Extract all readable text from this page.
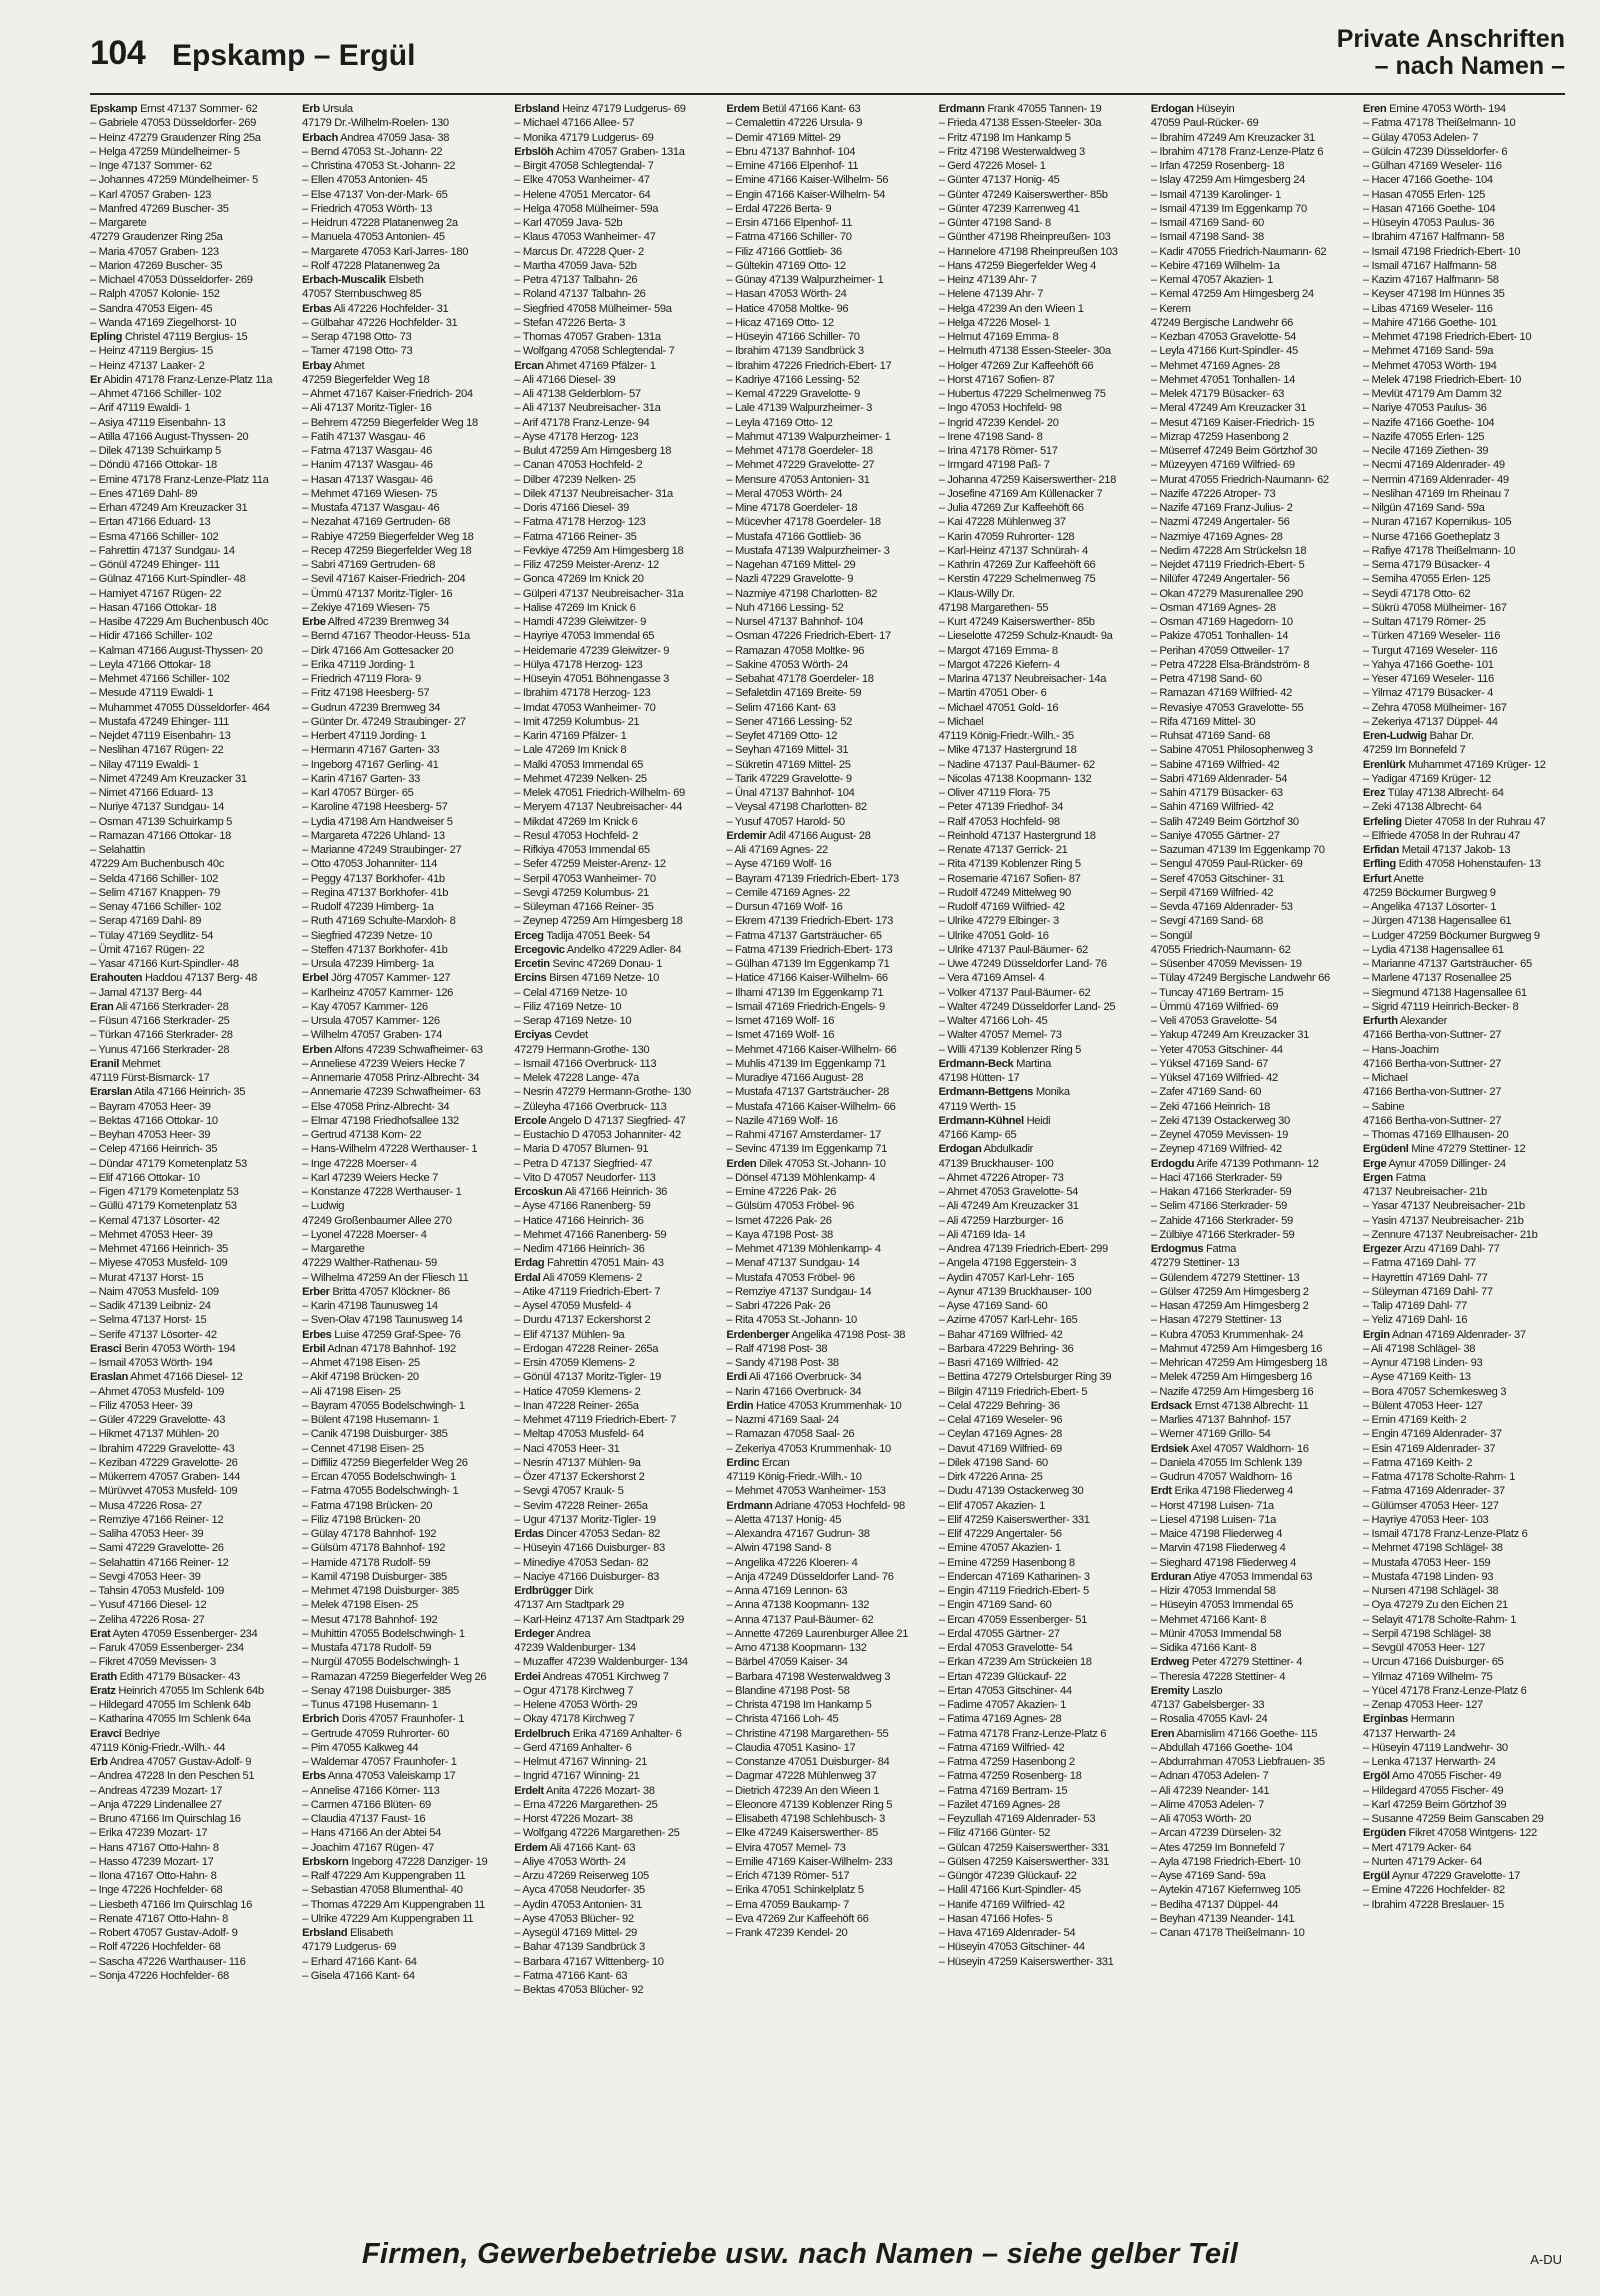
104 Epskamp – Ergül	Private Anschriften
– nach Namen –
Epskamp Ernst 47137 Sommer- 62
– Gabriele 47053 Düsseldorfer- 269
– Heinz 47279 Graudenzer Ring 25a
– Helga 47259 Mündelheimer- 5
– Inge 47137 Sommer- 62
– Johannes 47259 Mündelheimer- 5
– Karl 47057 Graben- 123
– Manfred 47269 Buscher- 35
– Margarete
47279 Graudenzer Ring 25a
– Maria 47057 Graben- 123
– Marion 47269 Buscher- 35
– Michael 47053 Düsseldorfer- 269
– Ralph 47057 Kolonie- 152
– Sandra 47053 Eigen- 45
– Wanda 47169 Ziegelhorst- 10
Epling Christel 47119 Bergius- 15
– Heinz 47119 Bergius- 15
– Heinz 47137 Laaker- 2
Er Abidin 47178 Franz-Lenze-Platz 11a
– Ahmet 47166 Schiller- 102
– Arif 47119 Ewaldi- 1
– Asiya 47119 Eisenbahn- 13
– Atilla 47166 August-Thyssen- 20
– Dilek 47139 Schuirkamp 5
– Döndü 47166 Ottokar- 18
– Emine 47178 Franz-Lenze-Platz 11a
– Enes 47169 Dahl- 89
– Erhan 47249 Am Kreuzacker 31
– Ertan 47166 Eduard- 13
– Esma 47166 Schiller- 102
– Fahrettin 47137 Sundgau- 14
– Gönül 47249 Ehinger- 111
– Gülnaz 47166 Kurt-Spindler- 48
– Hamiyet 47167 Rügen- 22
– Hasan 47166 Ottokar- 18
– Hasibe 47229 Am Buchenbusch 40c
– Hidir 47166 Schiller- 102
– Kalman 47166 August-Thyssen- 20
– Leyla 47166 Ottokar- 18
– Mehmet 47166 Schiller- 102
– Mesude 47119 Ewaldi- 1
– Muhammet 47055 Düsseldorfer- 464
– Mustafa 47249 Ehinger- 111
– Nejdet 47119 Eisenbahn- 13
– Neslihan 47167 Rügen- 22
– Nilay 47119 Ewaldi- 1
– Nimet 47249 Am Kreuzacker 31
– Nimet 47166 Eduard- 13
– Nuriye 47137 Sundgau- 14
– Osman 47139 Schuirkamp 5
– Ramazan 47166 Ottokar- 18
– Selahattin
47229 Am Buchenbusch 40c
– Selda 47166 Schiller- 102
– Selim 47167 Knappen- 79
– Senay 47166 Schiller- 102
– Serap 47169 Dahl- 89
– Tülay 47169 Seydlitz- 54
– Ümit 47167 Rügen- 22
– Yasar 47166 Kurt-Spindler- 48
Erahouten Haddou 47137 Berg- 48
– Jamal 47137 Berg- 44
Eran Ali 47166 Sterkrader- 28
– Füsun 47166 Sterkrader- 25
– Türkan 47166 Sterkrader- 28
– Yunus 47166 Sterkrader- 28
Eranil Mehmet
47119 Fürst-Bismarck- 17
Erarslan Atila 47166 Heinrich- 35
– Bayram 47053 Heer- 39
– Bektas 47166 Ottokar- 10
– Beyhan 47053 Heer- 39
– Celep 47166 Heinrich- 35
– Dündar 47179 Kometenplatz 53
– Elif 47166 Ottokar- 10
– Figen 47179 Kometenplatz 53
– Güllü 47179 Kometenplatz 53
– Kemal 47137 Lösorter- 42
– Mehmet 47053 Heer- 39
– Mehmet 47166 Heinrich- 35
– Miyese 47053 Musfeld- 109
– Murat 47137 Horst- 15
– Naim 47053 Musfeld- 109
– Sadik 47139 Leibniz- 24
– Selma 47137 Horst- 15
– Serife 47137 Lösorter- 42
Erasci Berin 47053 Wörth- 194
– Ismail 47053 Wörth- 194
Eraslan Ahmet 47166 Diesel- 12
– Ahmet 47053 Musfeld- 109
– Filiz 47053 Heer- 39
– Güler 47229 Gravelotte- 43
– Hikmet 47137 Mühlen- 20
– Ibrahim 47229 Gravelotte- 43
– Keziban 47229 Gravelotte- 26
– Mükerrem 47057 Graben- 144
– Mürüvvet 47053 Musfeld- 109
– Musa 47226 Rosa- 27
– Remziye 47166 Reiner- 12
– Saliha 47053 Heer- 39
– Sami 47229 Gravelotte- 26
– Selahattin 47166 Reiner- 12
– Sevgi 47053 Heer- 39
– Tahsin 47053 Musfeld- 109
– Yusuf 47166 Diesel- 12
– Zeliha 47226 Rosa- 27
Erat Ayten 47059 Essenberger- 234
– Faruk 47059 Essenberger- 234
– Fikret 47059 Mevissen- 3
Erath Edith 47179 Büsacker- 43
Eratz Heinrich 47055 Im Schlenk 64b
– Hildegard 47055 Im Schlenk 64b
– Katharina 47055 Im Schlenk 64a
Eravci Bedriye
47119 König-Friedr.-Wilh.- 44
Erb Andrea 47057 Gustav-Adolf- 9
– Andrea 47228 In den Peschen 51
– Andreas 47239 Mozart- 17
– Anja 47229 Lindenallee 27
– Bruno 47166 Im Quirschlag 16
– Erika 47239 Mozart- 17
– Hans 47167 Otto-Hahn- 8
– Hasso 47239 Mozart- 17
– Ilona 47167 Otto-Hahn- 8
– Inge 47226 Hochfelder- 68
– Liesbeth 47166 Im Quirschlag 16
– Renate 47167 Otto-Hahn- 8
– Robert 47057 Gustav-Adolf- 9
– Rolf 47226 Hochfelder- 68
– Sascha 47226 Warthauser- 116
– Sonja 47226 Hochfelder- 68
Erb Ursula
47179 Dr.-Wilhelm-Roelen- 130
Erbach Andrea 47059 Jasa- 38
– Bernd 47053 St.-Johann- 22
– Christina 47053 St.-Johann- 22
– Ellen 47053 Antonien- 45
– Else 47137 Von-der-Mark- 65
– Friedrich 47053 Wörth- 13
– Heidrun 47228 Platanenweg 2a
– Manuela 47053 Antonien- 45
– Margarete 47053 Karl-Jarres- 180
– Rolf 47228 Platanenweg 2a
Erbach-Muscalik Elsbeth
47057 Sternbuschweg 85
Erbas Ali 47226 Hochfelder- 31
– Gülbahar 47226 Hochfelder- 31
– Serap 47198 Otto- 73
– Tamer 47198 Otto- 73
Erbay Ahmet
47259 Biegerfelder Weg 18
– Ahmet 47167 Kaiser-Friedrich- 204
– Ali 47137 Moritz-Tigler- 16
– Behrem 47259 Biegerfelder Weg 18
– Fatih 47137 Wasgau- 46
– Fatma 47137 Wasgau- 46
– Hanim 47137 Wasgau- 46
– Hasan 47137 Wasgau- 46
– Mehmet 47169 Wiesen- 75
– Mustafa 47137 Wasgau- 46
– Nezahat 47169 Gertruden- 68
– Rabiye 47259 Biegerfelder Weg 18
– Recep 47259 Biegerfelder Weg 18
– Sabri 47169 Gertruden- 68
– Sevil 47167 Kaiser-Friedrich- 204
– Ümmü 47137 Moritz-Tigler- 16
– Zekiye 47169 Wiesen- 75
Erbe Alfred 47239 Bremweg 34
– Bernd 47167 Theodor-Heuss- 51a
– Dirk 47166 Am Gottesacker 20
– Erika 47119 Jording- 1
– Friedrich 47119 Flora- 9
– Fritz 47198 Heesberg- 57
– Gudrun 47239 Bremweg 34
– Günter Dr. 47249 Straubinger- 27
– Herbert 47119 Jording- 1
– Hermann 47167 Garten- 33
– Ingeborg 47167 Gerling- 41
– Karin 47167 Garten- 33
– Karl 47057 Bürger- 65
– Karoline 47198 Heesberg- 57
– Lydia 47198 Am Handweiser 5
– Margareta 47226 Uhland- 13
– Marianne 47249 Straubinger- 27
– Otto 47053 Johanniter- 114
– Peggy 47137 Borkhofer- 41b
– Regina 47137 Borkhofer- 41b
– Rudolf 47239 Himberg- 1a
– Ruth 47169 Schulte-Marxloh- 8
– Siegfried 47239 Netze- 10
– Steffen 47137 Borkhofer- 41b
– Ursula 47239 Himberg- 1a
Erbel Jörg 47057 Kammer- 127
– Karlheinz 47057 Kammer- 126
– Kay 47057 Kammer- 126
– Ursula 47057 Kammer- 126
– Wilhelm 47057 Graben- 174
Erben Alfons 47239 Schwafheimer- 63
– Anneliese 47239 Weiers Hecke 7
– Annemarie 47058 Prinz-Albrecht- 34
– Annemarie 47239 Schwafheimer- 63
– Else 47058 Prinz-Albrecht- 34
– Elmar 47198 Friedhofsallee 132
– Gertrud 47138 Korn- 22
– Hans-Wilhelm 47228 Werthauser- 1
– Inge 47228 Moerser- 4
– Karl 47239 Weiers Hecke 7
– Konstanze 47228 Werthauser- 1
– Ludwig
47249 Großenbaumer Allee 270
– Lyonel 47228 Moerser- 4
– Margarethe
47229 Walther-Rathenau- 59
– Wilhelma 47259 An der Fliesch 11
Erber Britta 47057 Klöckner- 86
– Karin 47198 Taunusweg 14
– Sven-Olav 47198 Taunusweg 14
Erbes Luise 47259 Graf-Spee- 76
Erbil Adnan 47178 Bahnhof- 192
– Ahmet 47198 Eisen- 25
– Akif 47198 Brücken- 20
– Ali 47198 Eisen- 25
– Bayram 47055 Bodelschwingh- 1
– Bülent 47198 Husemann- 1
– Canik 47198 Duisburger- 385
– Cennet 47198 Eisen- 25
– Diffiliz 47259 Biegerfelder Weg 26
– Ercan 47055 Bodelschwingh- 1
– Fatma 47055 Bodelschwingh- 1
– Fatma 47198 Brücken- 20
– Filiz 47198 Brücken- 20
– Gülay 47178 Bahnhof- 192
– Gülsüm 47178 Bahnhof- 192
– Hamide 47178 Rudolf- 59
– Kamil 47198 Duisburger- 385
– Mehmet 47198 Duisburger- 385
– Melek 47198 Eisen- 25
– Mesut 47178 Bahnhof- 192
– Muhittin 47055 Bodelschwingh- 1
– Mustafa 47178 Rudolf- 59
– Nurgül 47055 Bodelschwingh- 1
– Ramazan 47259 Biegerfelder Weg 26
– Senay 47198 Duisburger- 385
– Tunus 47198 Husemann- 1
Erbrich Doris 47057 Fraunhofer- 1
– Gertrude 47059 Ruhrorter- 60
– Pim 47055 Kalkweg 44
– Waldemar 47057 Fraunhofer- 1
Erbs Anna 47053 Valeiskamp 17
– Annelise 47166 Körner- 113
– Carmen 47166 Blüten- 69
– Claudia 47137 Faust- 16
– Hans 47166 An der Abtei 54
– Joachim 47167 Rügen- 47
Erbskorn Ingeborg 47228 Danziger- 19
– Ralf 47229 Am Kuppengraben 11
– Sebastian 47058 Blumenthal- 40
– Thomas 47229 Am Kuppengraben 11
– Ulrike 47229 Am Kuppengraben 11
Erbsland Elisabeth
47179 Ludgerus- 69
– Erhard 47166 Kant- 64
– Gisela 47166 Kant- 64
Erbsland Heinz 47179 Ludgerus- 69
– Michael 47166 Allee- 57
– Monika 47179 Ludgerus- 69
Erbslöh Achim 47057 Graben- 131a
– Birgit 47058 Schlegtendal- 7
– Elke 47053 Wanheimer- 47
– Helene 47051 Mercator- 64
– Helga 47058 Mülheimer- 59a
– Karl 47059 Java- 52b
– Klaus 47053 Wanheimer- 47
– Marcus Dr. 47228 Quer- 2
– Martha 47059 Java- 52b
– Petra 47137 Talbahn- 26
– Roland 47137 Talbahn- 26
– Siegfried 47058 Mülheimer- 59a
– Stefan 47226 Berta- 3
– Thomas 47057 Graben- 131a
– Wolfgang 47058 Schlegtendal- 7
Ercan Ahmet 47169 Pfälzer- 1
– Ali 47166 Diesel- 39
– Ali 47138 Gelderblom- 57
– Ali 47137 Neubreisacher- 31a
– Arif 47178 Franz-Lenze- 94
– Ayse 47178 Herzog- 123
– Bulut 47259 Am Himgesberg 18
– Canan 47053 Hochfeld- 2
– Dilber 47239 Nelken- 25
– Dilek 47137 Neubreisacher- 31a
– Doris 47166 Diesel- 39
– Fatma 47178 Herzog- 123
– Fatma 47166 Reiner- 35
– Fevkiye 47259 Am Himgesberg 18
– Filiz 47259 Meister-Arenz- 12
– Gonca 47269 Im Knick 20
– Gülperi 47137 Neubreisacher- 31a
– Halise 47269 Im Knick 6
– Hamdi 47239 Gleiwitzer- 9
– Hayriye 47053 Immendal 65
– Heidemarie 47239 Gleiwitzer- 9
– Hülya 47178 Herzog- 123
– Hüseyin 47051 Böhnengasse 3
– Ibrahim 47178 Herzog- 123
– Imdat 47053 Wanheimer- 70
– Imit 47259 Kolumbus- 21
– Karin 47169 Pfälzer- 1
– Lale 47269 Im Knick 8
– Malki 47053 Immendal 65
– Mehmet 47239 Nelken- 25
– Melek 47051 Friedrich-Wilhelm- 69
– Meryem 47137 Neubreisacher- 44
– Mikdat 47269 Im Knick 6
– Resul 47053 Hochfeld- 2
– Rifkiya 47053 Immendal 65
– Sefer 47259 Meister-Arenz- 12
– Serpil 47053 Wanheimer- 70
– Sevgi 47259 Kolumbus- 21
– Süleyman 47166 Reiner- 35
– Zeynep 47259 Am Himgesberg 18
Erceg Tadija 47051 Beek- 54
Ercegovic Andelko 47229 Adler- 84
Ercetin Sevinc 47269 Donau- 1
Ercins Birsen 47169 Netze- 10
– Celal 47169 Netze- 10
– Filiz 47169 Netze- 10
– Serap 47169 Netze- 10
Erciyas Cevdet
47279 Hermann-Grothe- 130
– Ismail 47166 Overbruck- 113
– Melek 47228 Lange- 47a
– Nesrin 47279 Hermann-Grothe- 130
– Züleyha 47166 Overbruck- 113
Ercole Angelo D 47137 Siegfried- 47
– Eustachio D 47053 Johanniter- 42
– Maria D 47057 Blumen- 91
– Petra D 47137 Siegfried- 47
– Vito D 47057 Neudorfer- 113
Ercoskun Ali 47166 Heinrich- 36
– Ayse 47166 Ranenberg- 59
– Hatice 47166 Heinrich- 36
– Mehmet 47166 Ranenberg- 59
– Nedim 47166 Heinrich- 36
Erdag Fahrettin 47051 Main- 43
Erdal Ali 47059 Klemens- 2
– Atike 47119 Friedrich-Ebert- 7
– Aysel 47059 Musfeld- 4
– Durdu 47137 Eckershorst 2
– Elif 47137 Mühlen- 9a
– Erdogan 47228 Reiner- 265a
– Ersin 47059 Klemens- 2
– Gönül 47137 Moritz-Tigler- 19
– Hatice 47059 Klemens- 2
– Inan 47228 Reiner- 265a
– Mehmet 47119 Friedrich-Ebert- 7
– Meltap 47053 Musfeld- 64
– Naci 47053 Heer- 31
– Nesrin 47137 Mühlen- 9a
– Özer 47137 Eckershorst 2
– Sevgi 47057 Krauk- 5
– Sevim 47228 Reiner- 265a
– Ugur 47137 Moritz-Tigler- 19
Erdas Dincer 47053 Sedan- 82
– Hüseyin 47166 Duisburger- 83
– Minediye 47053 Sedan- 82
– Naciye 47166 Duisburger- 83
Erdbrügger Dirk
47137 Am Stadtpark 29
– Karl-Heinz 47137 Am Stadtpark 29
Erdeger Andrea
47239 Waldenburger- 134
– Muzaffer 47239 Waldenburger- 134
Erdei Andreas 47051 Kirchweg 7
– Ogur 47178 Kirchweg 7
– Helene 47053 Wörth- 29
– Okay 47178 Kirchweg 7
Erdelbruch Erika 47169 Anhalter- 6
– Gerd 47169 Anhalter- 6
– Helmut 47167 Winning- 21
– Ingrid 47167 Winning- 21
Erdelt Anita 47226 Mozart- 38
– Erna 47226 Margarethen- 25
– Horst 47226 Mozart- 38
– Wolfgang 47226 Margarethen- 25
Erdem Ali 47166 Kant- 63
– Aliye 47053 Wörth- 24
– Arzu 47269 Reiserweg 105
– Ayca 47058 Neudorfer- 35
– Aydin 47053 Antonien- 31
– Ayse 47053 Blücher- 92
– Aysegül 47169 Mittel- 29
– Bahar 47139 Sandbrück 3
– Barbara 47167 Wittenberg- 10
– Fatma 47166 Kant- 63
– Bektas 47053 Blücher- 92
Erdem Betül 47166 Kant- 63
– Cemalettin 47226 Ursula- 9
– Demir 47169 Mittel- 29
– Ebru 47137 Bahnhof- 104
– Emine 47166 Elpenhof- 11
– Emine 47166 Kaiser-Wilhelm- 56
– Engin 47166 Kaiser-Wilhelm- 54
– Erdal 47226 Berta- 9
– Ersin 47166 Elpenhof- 11
– Fatma 47166 Schiller- 70
– Filiz 47166 Gottlieb- 36
– Gültekin 47169 Otto- 12
– Günay 47139 Walpurzheimer- 1
– Hasan 47053 Wörth- 24
– Hatice 47058 Moltke- 96
– Hicaz 47169 Otto- 12
– Hüseyin 47166 Schiller- 70
– Ibrahim 47139 Sandbrück 3
– Ibrahim 47226 Friedrich-Ebert- 17
– Kadriye 47166 Lessing- 52
– Kemal 47229 Gravelotte- 9
– Lale 47139 Walpurzheimer- 3
– Leyla 47169 Otto- 12
– Mahmut 47139 Walpurzheimer- 1
– Mehmet 47178 Goerdeler- 18
– Mehmet 47229 Gravelotte- 27
– Mensure 47053 Antonien- 31
– Meral 47053 Wörth- 24
– Mine 47178 Goerdeler- 18
– Mücevher 47178 Goerdeler- 18
– Mustafa 47166 Gottlieb- 36
– Mustafa 47139 Walpurzheimer- 3
– Nagehan 47169 Mittel- 29
– Nazli 47229 Gravelotte- 9
– Nazmiye 47198 Charlotten- 82
– Nuh 47166 Lessing- 52
– Nursel 47137 Bahnhof- 104
– Osman 47226 Friedrich-Ebert- 17
– Ramazan 47058 Moltke- 96
– Sakine 47053 Wörth- 24
– Sebahat 47178 Goerdeler- 18
– Sefaletdin 47169 Breite- 59
– Selim 47166 Kant- 63
– Sener 47166 Lessing- 52
– Seyfet 47169 Otto- 12
– Seyhan 47169 Mittel- 31
– Sükretin 47169 Mittel- 25
– Tarik 47229 Gravelotte- 9
– Ünal 47137 Bahnhof- 104
– Veysal 47198 Charlotten- 82
– Yusuf 47057 Harold- 50
Erdemir Adil 47166 August- 28
– Ali 47169 Agnes- 22
– Ayse 47169 Wolf- 16
– Bayram 47139 Friedrich-Ebert- 173
– Cemile 47169 Agnes- 22
– Dursun 47169 Wolf- 16
– Ekrem 47139 Friedrich-Ebert- 173
– Fatma 47137 Gartsträucher- 65
– Fatma 47139 Friedrich-Ebert- 173
– Gülhan 47139 Im Eggenkamp 71
– Hatice 47166 Kaiser-Wilhelm- 66
– Ilhami 47139 Im Eggenkamp 71
– Ismail 47169 Friedrich-Engels- 9
– Ismet 47169 Wolf- 16
– Ismet 47169 Wolf- 16
– Mehmet 47166 Kaiser-Wilhelm- 66
– Muhlis 47139 Im Eggenkamp 71
– Muradiye 47166 August- 28
– Mustafa 47137 Gartsträucher- 28
– Mustafa 47166 Kaiser-Wilhelm- 66
– Nazile 47169 Wolf- 16
– Rahmi 47167 Amsterdamer- 17
– Sevinc 47139 Im Eggenkamp 71
Erden Dilek 47053 St.-Johann- 10
– Dönsel 47139 Möhlenkamp- 4
– Emine 47226 Pak- 26
– Gülsüm 47053 Fröbel- 96
– Ismet 47226 Pak- 26
– Kaya 47198 Post- 38
– Mehmet 47139 Möhlenkamp- 4
– Menaf 47137 Sundgau- 14
– Mustafa 47053 Fröbel- 96
– Remziye 47137 Sundgau- 14
– Sabri 47226 Pak- 26
– Rita 47053 St.-Johann- 10
Erdenberger Angelika 47198 Post- 38
– Ralf 47198 Post- 38
– Sandy 47198 Post- 38
Erdi Ali 47166 Overbruck- 34
– Narin 47166 Overbruck- 34
Erdin Hatice 47053 Krummenhak- 10
– Nazmi 47169 Saal- 24
– Ramazan 47058 Saal- 26
– Zekeriya 47053 Krummenhak- 10
Erdinc Ercan
47119 König-Friedr.-Wilh.- 10
– Mehmet 47053 Wanheimer- 153
Erdmann Adriane 47053 Hochfeld- 98
– Aletta 47137 Honig- 45
– Alexandra 47167 Gudrun- 38
– Alwin 47198 Sand- 8
– Angelika 47226 Kloeren- 4
– Anja 47249 Düsseldorfer Land- 76
– Anna 47169 Lennon- 63
– Anna 47138 Koopmann- 132
– Anna 47137 Paul-Bäumer- 62
– Annette 47269 Laurenburger Allee 21
– Arno 47138 Koopmann- 132
– Bärbel 47059 Kaiser- 34
– Barbara 47198 Westerwaldweg 3
– Blandine 47198 Post- 58
– Christa 47198 Im Hankamp 5
– Christa 47166 Loh- 45
– Christine 47198 Margarethen- 55
– Claudia 47051 Kasino- 17
– Constanze 47051 Duisburger- 84
– Dagmar 47228 Mühlenweg 37
– Dietrich 47239 An den Wieen 1
– Eleonore 47139 Koblenzer Ring 5
– Elisabeth 47198 Schlehbusch- 3
– Elke 47249 Kaiserswerther- 85
– Elvira 47057 Memel- 73
– Emilie 47169 Kaiser-Wilhelm- 233
– Erich 47139 Römer- 517
– Erika 47051 Schinkelplatz 5
– Erna 47059 Baukamp- 7
– Eva 47269 Zur Kaffeehöft 66
– Frank 47239 Kendel- 20
Erdmann Frank 47055 Tannen- 19
– Frieda 47138 Essen-Steeler- 30a
– Fritz 47198 Im Hankamp 5
– Fritz 47198 Westerwaldweg 3
– Gerd 47226 Mosel- 1
– Günter 47137 Honig- 45
– Günter 47249 Kaiserswerther- 85b
– Günter 47239 Karrenweg 41
– Günter 47198 Sand- 8
– Günther 47198 Rheinpreußen- 103
– Hannelore 47198 Rheinpreußen 103
– Hans 47259 Biegerfelder Weg 4
– Heinz 47139 Ahr- 7
– Helene 47139 Ahr- 7
– Helga 47239 An den Wieen 1
– Helga 47226 Mosel- 1
– Helmut 47169 Emma- 8
– Helmuth 47138 Essen-Steeler- 30a
– Holger 47269 Zur Kaffeehöft 66
– Horst 47167 Sofien- 87
– Hubertus 47229 Schelmenweg 75
– Ingo 47053 Hochfeld- 98
– Ingrid 47239 Kendel- 20
– Irene 47198 Sand- 8
– Irina 47178 Römer- 517
– Irmgard 47198 Paß- 7
– Johanna 47259 Kaiserswerther- 218
– Josefine 47169 Am Küllenacker 7
– Julia 47269 Zur Kaffeehöft 66
– Kai 47228 Mühlenweg 37
– Karin 47059 Ruhrorter- 128
– Karl-Heinz 47137 Schnürah- 4
– Kathrin 47269 Zur Kaffeehöft 66
– Kerstin 47229 Schelmenweg 75
– Klaus-Willy Dr.
47198 Margarethen- 55
– Kurt 47249 Kaiserswerther- 85b
– Lieselotte 47259 Schulz-Knaudt- 9a
– Margot 47169 Emma- 8
– Margot 47226 Kiefern- 4
– Marina 47137 Neubreisacher- 14a
– Martin 47051 Ober- 6
– Michael 47051 Gold- 16
– Michael
47119 König-Friedr.-Wilh.- 35
– Mike 47137 Hastergrund 18
– Nadine 47137 Paul-Bäumer- 62
– Nicolas 47138 Koopmann- 132
– Oliver 47119 Flora- 75
– Peter 47139 Friedhof- 34
– Ralf 47053 Hochfeld- 98
– Reinhold 47137 Hastergrund 18
– Renate 47137 Gerrick- 21
– Rita 47139 Koblenzer Ring 5
– Rosemarie 47167 Sofien- 87
– Rudolf 47249 Mittelweg 90
– Rudolf 47169 Wilfried- 42
– Ulrike 47279 Elbinger- 3
– Ulrike 47051 Gold- 16
– Ulrike 47137 Paul-Bäumer- 62
– Uwe 47249 Düsseldorfer Land- 76
– Vera 47169 Amsel- 4
– Volker 47137 Paul-Bäumer- 62
– Walter 47249 Düsseldorfer Land- 25
– Walter 47166 Loh- 45
– Walter 47057 Memel- 73
– Willi 47139 Koblenzer Ring 5
Erdmann-Beck Martina
47198 Hütten- 17
Erdmann-Bettgens Monika
47119 Werth- 15
Erdmann-Kühnel Heidi
47166 Kamp- 65
Erdogan Abdulkadir
47139 Bruckhauser- 100
– Ahmet 47226 Atroper- 73
– Ahmet 47053 Gravelotte- 54
– Ali 47249 Am Kreuzacker 31
– Ali 47259 Harzburger- 16
– Ali 47169 Ida- 14
– Andrea 47139 Friedrich-Ebert- 299
– Angela 47198 Eggerstein- 3
– Aydin 47057 Karl-Lehr- 165
– Aynur 47139 Bruckhauser- 100
– Ayse 47169 Sand- 60
– Azime 47057 Karl-Lehr- 165
– Bahar 47169 Wilfried- 42
– Barbara 47229 Behring- 36
– Basri 47169 Wilfried- 42
– Bettina 47279 Ortelsburger Ring 39
– Bilgin 47119 Friedrich-Ebert- 5
– Celal 47229 Behring- 36
– Celal 47169 Weseler- 96
– Ceylan 47169 Agnes- 28
– Davut 47169 Wilfried- 69
– Dilek 47198 Sand- 60
– Dirk 47226 Anna- 25
– Dudu 47139 Ostackerweg 30
– Elif 47057 Akazien- 1
– Elif 47259 Kaiserswerther- 331
– Elif 47229 Angertaler- 56
– Emine 47057 Akazien- 1
– Emine 47259 Hasenbong 8
– Endercan 47169 Katharinen- 3
– Engin 47119 Friedrich-Ebert- 5
– Engin 47169 Sand- 60
– Ercan 47059 Essenberger- 51
– Erdal 47055 Gärtner- 27
– Erdal 47053 Gravelotte- 54
– Erkan 47239 Am Strückeien 18
– Ertan 47239 Glückauf- 22
– Ertan 47053 Gitschiner- 44
– Fadime 47057 Akazien- 1
– Fatima 47169 Agnes- 28
– Fatma 47178 Franz-Lenze-Platz 6
– Fatma 47169 Wilfried- 42
– Fatma 47259 Hasenbong 2
– Fatma 47259 Rosenberg- 18
– Fatma 47169 Bertram- 15
– Fazilet 47169 Agnes- 28
– Feyzullah 47169 Aldenrader- 53
– Filiz 47166 Günter- 52
– Gülcan 47259 Kaiserswerther- 331
– Gülsen 47259 Kaiserswerther- 331
– Güngör 47239 Glückauf- 22
– Halil 47166 Kurt-Spindler- 45
– Hanife 47169 Wilfried- 42
– Hasan 47166 Hofes- 5
– Hava 47169 Aldenrader- 54
– Hüseyin 47053 Gitschiner- 44
– Hüseyin 47259 Kaiserswerther- 331
Erdogan Hüseyin
47059 Paul-Rücker- 69
– Ibrahim 47249 Am Kreuzacker 31
– Ibrahim 47178 Franz-Lenze-Platz 6
– Irfan 47259 Rosenberg- 18
– Islay 47259 Am Himgesberg 24
– Ismail 47139 Karolinger- 1
– Ismail 47139 Im Eggenkamp 70
– Ismail 47169 Sand- 60
– Ismail 47198 Sand- 38
– Kadir 47055 Friedrich-Naumann- 62
– Kebire 47169 Wilhelm- 1a
– Kemal 47057 Akazien- 1
– Kemal 47259 Am Himgesberg 24
– Kerem
47249 Bergische Landwehr 66
– Kezban 47053 Gravelotte- 54
– Leyla 47166 Kurt-Spindler- 45
– Mehmet 47169 Agnes- 28
– Mehmet 47051 Tonhallen- 14
– Melek 47179 Büsacker- 63
– Meral 47249 Am Kreuzacker 31
– Mesut 47169 Kaiser-Friedrich- 15
– Mizrap 47259 Hasenbong 2
– Müserref 47249 Beim Görtzhof 30
– Müzeyyen 47169 Wilfried- 69
– Murat 47055 Friedrich-Naumann- 62
– Nazife 47226 Atroper- 73
– Nazife 47169 Franz-Julius- 2
– Nazmi 47249 Angertaler- 56
– Nazmiye 47169 Agnes- 28
– Nedim 47228 Am Strückelsn 18
– Nejdet 47119 Friedrich-Ebert- 5
– Nilüfer 47249 Angertaler- 56
– Okan 47279 Masurenallee 290
– Osman 47169 Agnes- 28
– Osman 47169 Hagedorn- 10
– Pakize 47051 Tonhallen- 14
– Perihan 47059 Ottweiler- 17
– Petra 47228 Elsa-Brändström- 8
– Petra 47198 Sand- 60
– Ramazan 47169 Wilfried- 42
– Revasiye 47053 Gravelotte- 55
– Rifa 47169 Mittel- 30
– Ruhsat 47169 Sand- 68
– Sabine 47051 Philosophenweg 3
– Sabine 47169 Wilfried- 42
– Sabri 47169 Aldenrader- 54
– Sahin 47179 Büsacker- 63
– Sahin 47169 Wilfried- 42
– Salih 47249 Beim Görtzhof 30
– Saniye 47055 Gärtner- 27
– Sazuman 47139 Im Eggenkamp 70
– Sengul 47059 Paul-Rücker- 69
– Seref 47053 Gitschiner- 31
– Serpil 47169 Wilfried- 42
– Sevda 47169 Aldenrader- 53
– Sevgi 47169 Sand- 68
– Songül
47055 Friedrich-Naumann- 62
– Süsenber 47059 Mevissen- 19
– Tülay 47249 Bergische Landwehr 66
– Tuncay 47169 Bertram- 15
– Ümmü 47169 Wilfried- 69
– Veli 47053 Gravelotte- 54
– Yakup 47249 Am Kreuzacker 31
– Yeter 47053 Gitschiner- 44
– Yüksel 47169 Sand- 67
– Yüksel 47169 Wilfried- 42
– Zafer 47169 Sand- 60
– Zeki 47166 Heinrich- 18
– Zeki 47139 Ostackerweg 30
– Zeynel 47059 Mevissen- 19
– Zeynep 47169 Wilfried- 42
Erdogdu Arife 47139 Pothmann- 12
– Haci 47166 Sterkrader- 59
– Hakan 47166 Sterkrader- 59
– Selim 47166 Sterkrader- 59
– Zahide 47166 Sterkrader- 59
– Zülbiye 47166 Sterkrader- 59
Erdogmus Fatma
47279 Stettiner- 13
– Gülendem 47279 Stettiner- 13
– Gülser 47259 Am Himgesberg 2
– Hasan 47259 Am Himgesberg 2
– Hasan 47279 Stettiner- 13
– Kubra 47053 Krummenhak- 24
– Mahmut 47259 Am Himgesberg 16
– Mehrican 47259 Am Himgesberg 18
– Melek 47259 Am Himgesberg 16
– Nazife 47259 Am Himgesberg 16
Erdsack Ernst 47138 Albrecht- 11
– Marlies 47137 Bahnhof- 157
– Werner 47169 Grillo- 54
Erdsiek Axel 47057 Waldhorn- 16
– Daniela 47055 Im Schlenk 139
– Gudrun 47057 Waldhorn- 16
Erdt Erika 47198 Fliederweg 4
– Horst 47198 Luisen- 71a
– Liesel 47198 Luisen- 71a
– Maice 47198 Fliederweg 4
– Marvin 47198 Fliederweg 4
– Sieghard 47198 Fliederweg 4
Erduran Atiye 47053 Immendal 63
– Hizir 47053 Immendal 58
– Hüseyin 47053 Immendal 65
– Mehmet 47166 Kant- 8
– Münir 47053 Immendal 58
– Sidika 47166 Kant- 8
Erdweg Peter 47279 Stettiner- 4
– Theresia 47228 Stettiner- 4
Eremity Laszlo
47137 Gabelsberger- 33
– Rosalia 47055 Kavl- 24
Eren Abamislim 47166 Goethe- 115
– Abdullah 47166 Goethe- 104
– Abdurrahman 47053 Liebfrauen- 35
– Adnan 47053 Adelen- 7
– Ali 47239 Neander- 141
– Alime 47053 Adelen- 7
– Ali 47053 Wörth- 20
– Arcan 47239 Dürselen- 32
– Ates 47259 Im Bonnefeld 7
– Ayla 47198 Friedrich-Ebert- 10
– Ayse 47169 Sand- 59a
– Aytekin 47167 Kiefernweg 105
– Bediha 47137 Düppel- 44
– Beyhan 47139 Neander- 141
– Canan 47178 Theißelmann- 10
Eren Emine 47053 Wörth- 194
– Fatma 47178 Theißelmann- 10
– Gülay 47053 Adelen- 7
– Gülcin 47239 Düsseldorfer- 6
– Gülhan 47169 Weseler- 116
– Hacer 47166 Goethe- 104
– Hasan 47055 Erlen- 125
– Hasan 47166 Goethe- 104
– Hüseyin 47053 Paulus- 36
– Ibrahim 47167 Halfmann- 58
– Ismail 47198 Friedrich-Ebert- 10
– Ismail 47167 Halfmann- 58
– Kazim 47167 Halfmann- 58
– Keyser 47198 Im Hünnes 35
– Libas 47169 Weseler- 116
– Mahire 47166 Goethe- 101
– Mehmet 47198 Friedrich-Ebert- 10
– Mehmet 47169 Sand- 59a
– Mehmet 47053 Wörth- 194
– Melek 47198 Friedrich-Ebert- 10
– Mevlüt 47179 Am Damm 32
– Nariye 47053 Paulus- 36
– Nazife 47166 Goethe- 104
– Nazife 47055 Erlen- 125
– Necile 47169 Ziethen- 39
– Necmi 47169 Aldenrader- 49
– Nermin 47169 Aldenrader- 49
– Neslihan 47169 Im Rheinau 7
– Nilgün 47169 Sand- 59a
– Nuran 47167 Kopernikus- 105
– Nurse 47166 Goetheplatz 3
– Rafiye 47178 Theißelmann- 10
– Sema 47179 Büsacker- 4
– Semiha 47055 Erlen- 125
– Seydi 47178 Otto- 62
– Sükrü 47058 Mülheimer- 167
– Sultan 47179 Römer- 25
– Türken 47169 Weseler- 116
– Turgut 47169 Weseler- 116
– Yahya 47166 Goethe- 101
– Yeser 47169 Weseler- 116
– Yilmaz 47179 Büsacker- 4
– Zehra 47058 Mülheimer- 167
– Zekeriya 47137 Düppel- 44
Eren-Ludwig Bahar Dr.
47259 Im Bonnefeld 7
Erenlürk Muhammet 47169 Krüger- 12
– Yadigar 47169 Krüger- 12
Erez Tülay 47138 Albrecht- 64
– Zeki 47138 Albrecht- 64
Erfeling Dieter 47058 In der Ruhrau 47
– Elfriede 47058 In der Ruhrau 47
Erfidan Metail 47137 Jakob- 13
Erfling Edith 47058 Hohenstaufen- 13
Erfurt Anette
47259 Böckumer Burgweg 9
– Angelika 47137 Lösorter- 1
– Jürgen 47138 Hagensallee 61
– Ludger 47259 Böckumer Burgweg 9
– Lydia 47138 Hagensallee 61
– Marianne 47137 Gartsträucher- 65
– Marlene 47137 Rosenallee 25
– Siegmund 47138 Hagensallee 61
– Sigrid 47119 Heinrich-Becker- 8
Erfurth Alexander
47166 Bertha-von-Suttner- 27
– Hans-Joachim
47166 Bertha-von-Suttner- 27
– Michael
47166 Bertha-von-Suttner- 27
– Sabine
47166 Bertha-von-Suttner- 27
– Thomas 47169 Ellhausen- 20
Ergüdenl Mine 47279 Stettiner- 12
Erge Aynur 47059 Dillinger- 24
Ergen Fatma
47137 Neubreisacher- 21b
– Yasar 47137 Neubreisacher- 21b
– Yasin 47137 Neubreisacher- 21b
– Zennure 47137 Neubreisacher- 21b
Ergezer Arzu 47169 Dahl- 77
– Fatma 47169 Dahl- 77
– Hayrettin 47169 Dahl- 77
– Süleyman 47169 Dahl- 77
– Talip 47169 Dahl- 77
– Yeliz 47169 Dahl- 16
Ergin Adnan 47169 Aldenrader- 37
– Ali 47198 Schlägel- 38
– Aynur 47198 Linden- 93
– Ayse 47169 Keith- 13
– Bora 47057 Schemkesweg 3
– Bülent 47053 Heer- 127
– Emin 47169 Keith- 2
– Engin 47169 Aldenrader- 37
– Esin 47169 Aldenrader- 37
– Fatma 47169 Keith- 2
– Fatma 47178 Scholte-Rahm- 1
– Fatma 47169 Aldenrader- 37
– Gülümser 47053 Heer- 127
– Hayriye 47053 Heer- 103
– Ismail 47178 Franz-Lenze-Platz 6
– Mehmet 47198 Schlägel- 38
– Mustafa 47053 Heer- 159
– Mustafa 47198 Linden- 93
– Nursen 47198 Schlägel- 38
– Oya 47279 Zu den Eichen 21
– Selayit 47178 Scholte-Rahm- 1
– Serpil 47198 Schlägel- 38
– Sevgül 47053 Heer- 127
– Urcun 47166 Duisburger- 65
– Yilmaz 47169 Wilhelm- 75
– Yücel 47178 Franz-Lenze-Platz 6
– Zenap 47053 Heer- 127
Erginbas Hermann
47137 Herwarth- 24
– Hüseyin 47119 Landwehr- 30
– Lenka 47137 Herwarth- 24
Ergöl Arno 47055 Fischer- 49
– Hildegard 47055 Fischer- 49
– Karl 47259 Beim Görtzhof 39
– Susanne 47259 Beim Ganscaben 29
Ergüden Fikret 47058 Wintgens- 122
– Mert 47179 Acker- 64
– Nurten 47179 Acker- 64
Ergül Aynur 47229 Gravelotte- 17
– Emine 47226 Hochfelder- 82
– Ibrahim 47228 Breslauer- 15
Firmen, Gewerbebetriebe usw. nach Namen – siehe gelber Teil	A-DU
